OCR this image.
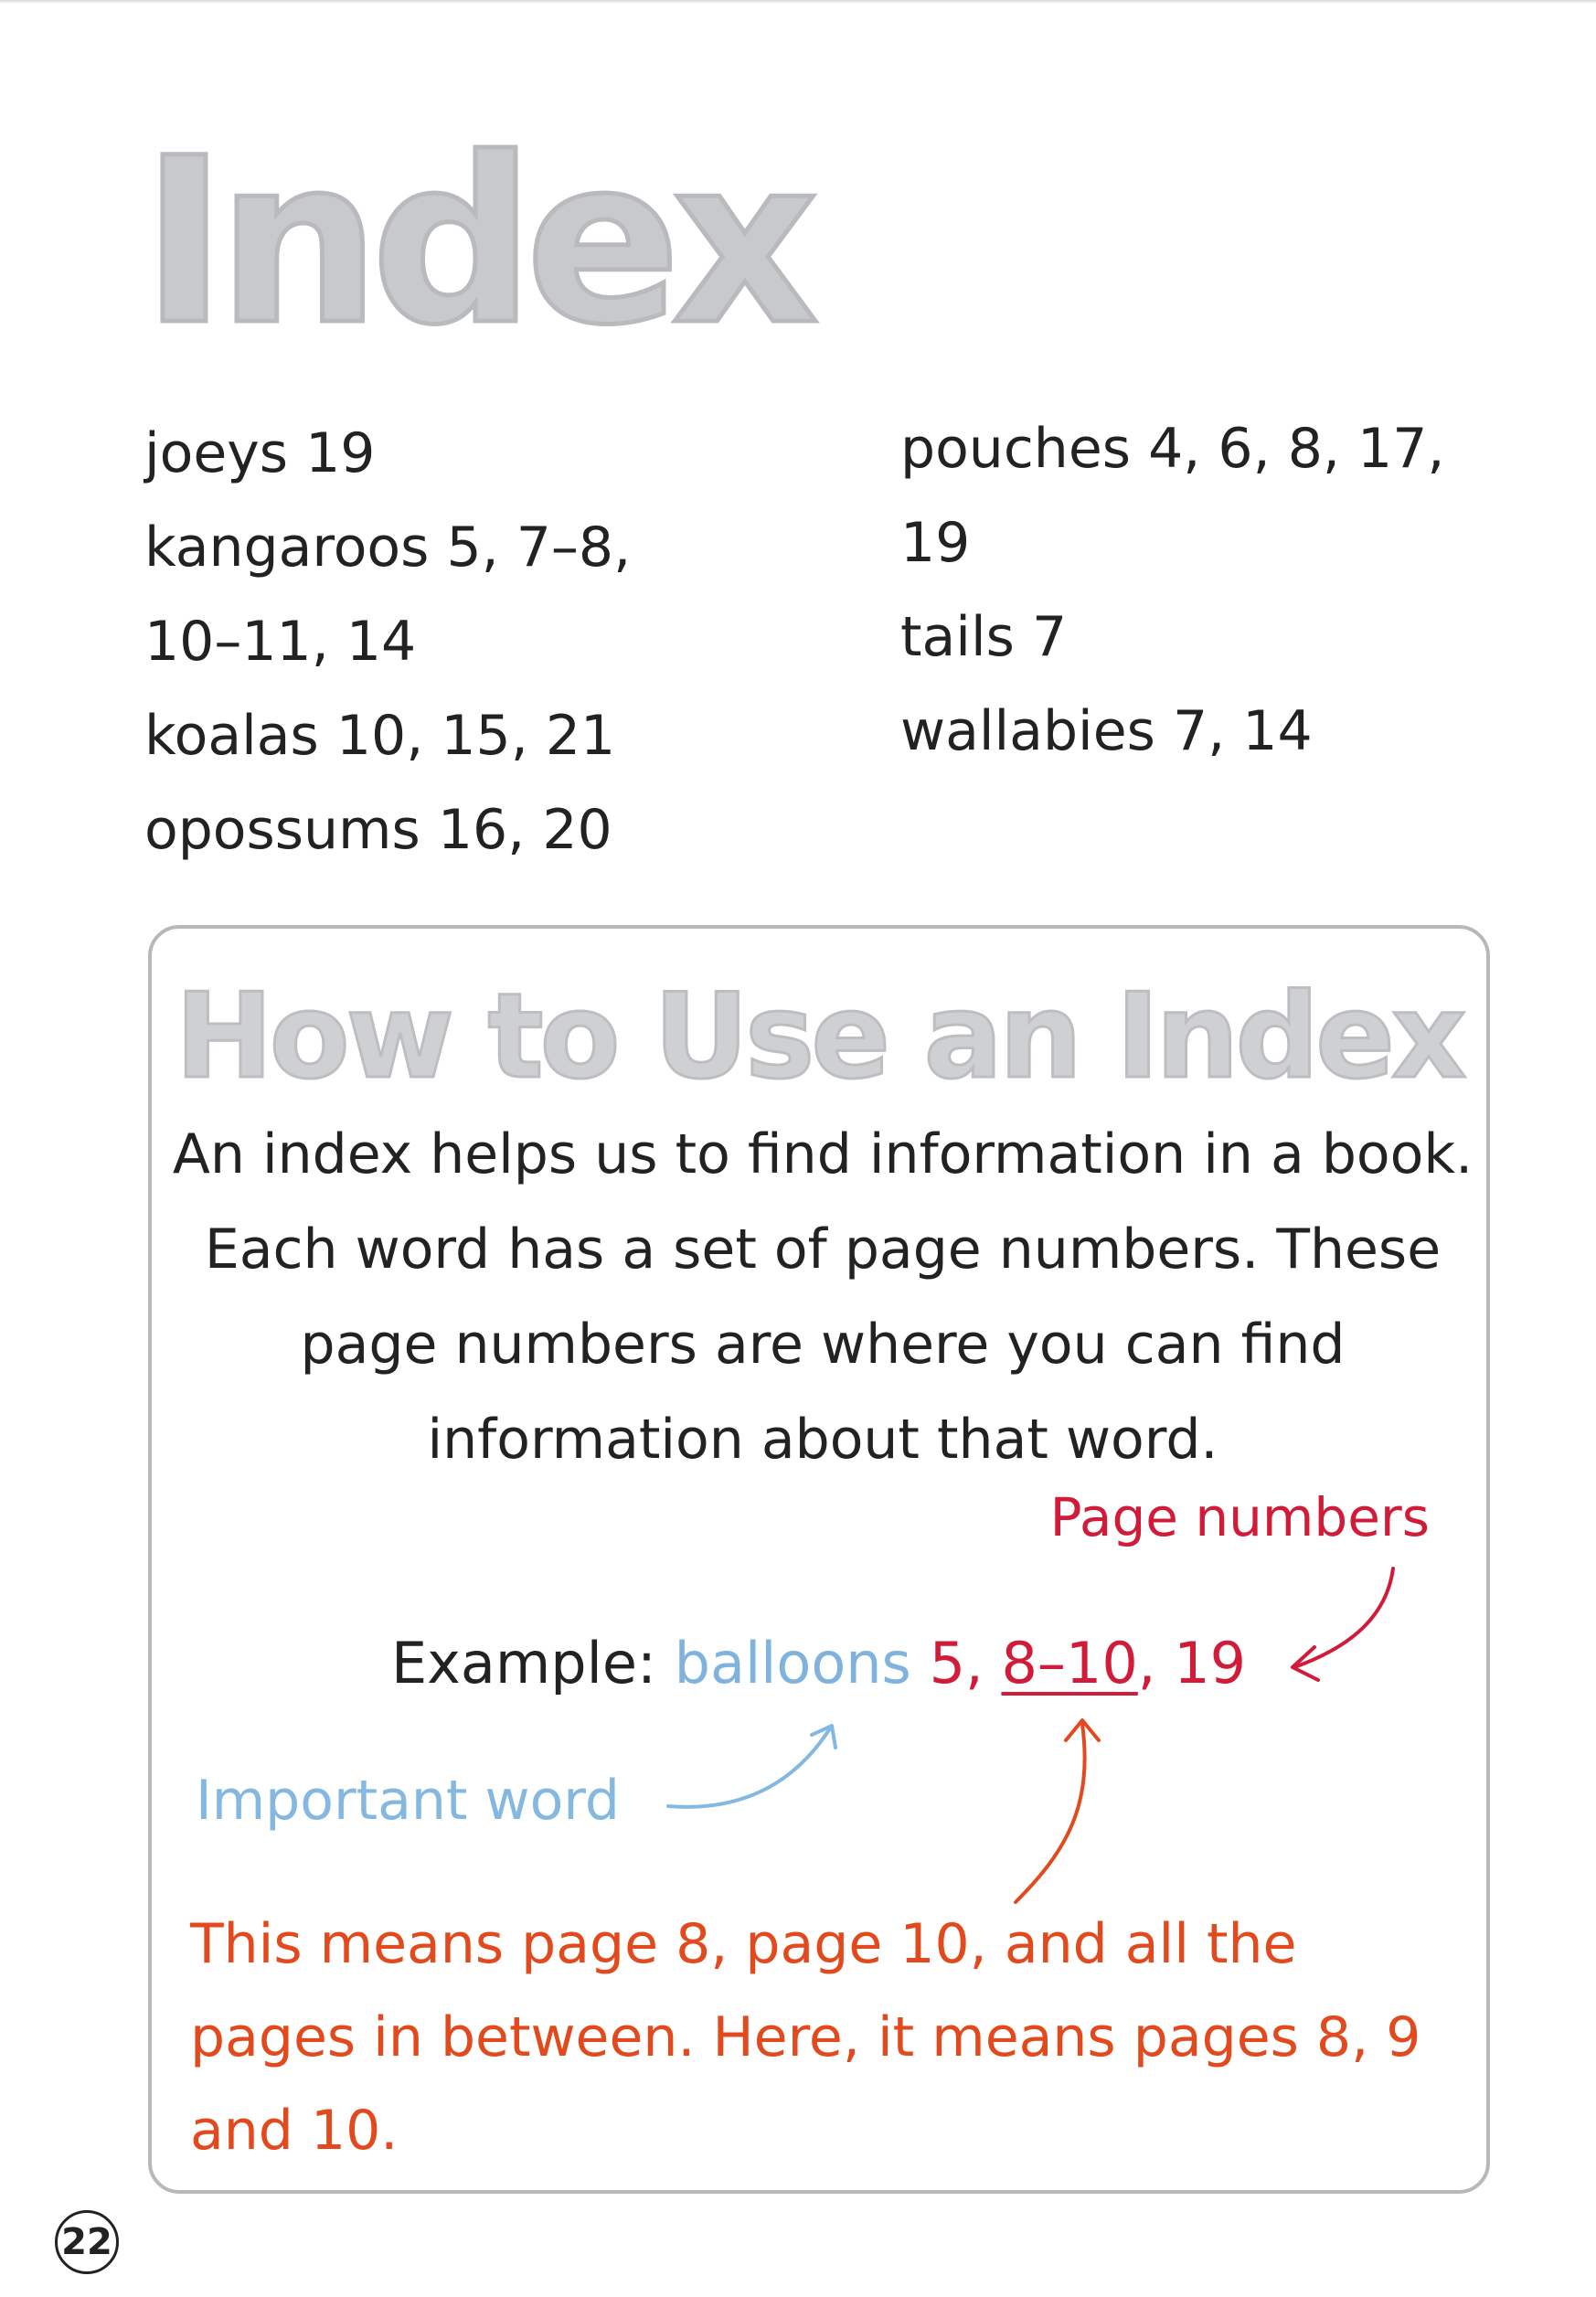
Index

joeys 19

kangaroos 5, 7–8,

10–11, 14

koalas 10, 15, 21

opossums 16, 20

pouches 4, 6, 8, 17,

19

tails 7

wallabies 7, 14

How to Use an Index

An index helps us to find information in a book. Each word has a set of page numbers. These page numbers are where you can find information about that word.

Page numbers
Example: balloons 5, 8–10, 19
Important word

This means page 8, page 10, and all the pages in between. Here, it means pages 8, 9 and 10.

22
